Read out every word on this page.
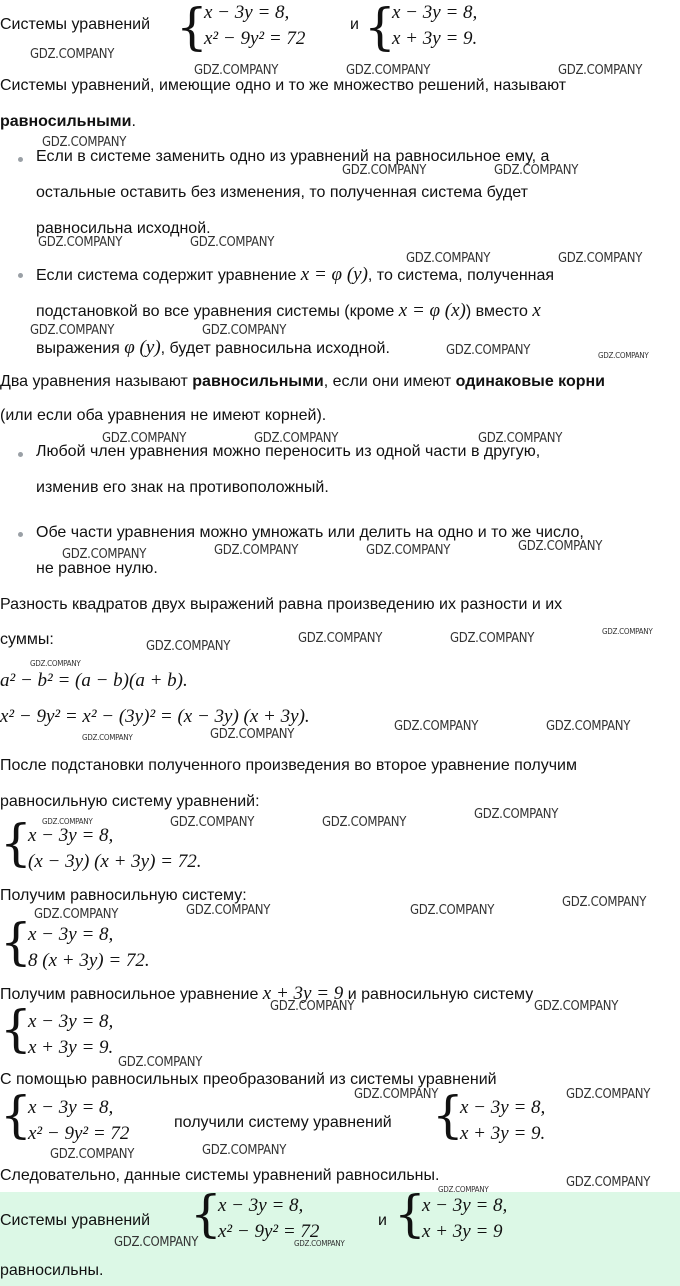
Системы уравнений {
x − 3y = 8,
x² − 9y² = 72
и {
x − 3y = 8,
x + 3y = 9.
Системы уравнений, имеющие одно и то же множество решений, называют
равносильными.
Если в системе заменить одно из уравнений на равносильное ему, а
остальные оставить без изменения, то полученная система будет
равносильна исходной.
Если система содержит уравнение x = φ (y), то система, полученная
подстановкой во все уравнения системы (кроме x = φ (x)) вместо x
выражения φ (y), будет равносильна исходной.
Два уравнения называют равносильными, если они имеют одинаковые корни
(или если оба уравнения не имеют корней).
Любой член уравнения можно переносить из одной части в другую,
изменив его знак на противоположный.
Обе части уравнения можно умножать или делить на одно и то же число,
не равное нулю.
Разность квадратов двух выражений равна произведению их разности и их
суммы:
a² − b² = (a − b)(a + b).
x² − 9y² = x² − (3y)² = (x − 3y) (x + 3y).
После подстановки полученного произведения во второе уравнение получим
равносильную систему уравнений:
{
x − 3y = 8,
(x − 3y) (x + 3y) = 72.
Получим равносильную систему:
{
x − 3y = 8,
8 (x + 3y) = 72.
Получим равносильное уравнение x + 3y = 9 и равносильную систему
{
x − 3y = 8,
x + 3y = 9.
С помощью равносильных преобразований из системы уравнений
{
x − 3y = 8,
x² − 9y² = 72
получили систему уравнений {
x − 3y = 8,
x + 3y = 9.
Следовательно, данные системы уравнений равносильны.
Системы уравнений {
x − 3y = 8,
x² − 9y² = 72
и {
x − 3y = 8,
x + 3y = 9
равносильны.
GDZ.COMPANY
GDZ.COMPANY	GDZ.COMPANY	GDZ.COMPANY
GDZ.COMPANY
GDZ.COMPANY	GDZ.COMPANY
GDZ.COMPANY	GDZ.COMPANY
GDZ.COMPANY	GDZ.COMPANY
GDZ.COMPANY	GDZ.COMPANY
GDZ.COMPANY	GDZ.COMPANY
GDZ.COMPANY	GDZ.COMPANY	GDZ.COMPANY
GDZ.COMPANY	GDZ.COMPANY	GDZ.COMPANY	GDZ.COMPANY
GDZ.COMPANY
GDZ.COMPANY	GDZ.COMPANY	GDZ.COMPANY
GDZ.COMPANY
GDZ.COMPANY	GDZ.COMPANY
GDZ.COMPANY	GDZ.COMPANY
GDZ.COMPANY	GDZ.COMPANY	GDZ.COMPANY
GDZ.COMPANY
GDZ.COMPANY	GDZ.COMPANY	GDZ.COMPANY
GDZ.COMPANY
GDZ.COMPANY	GDZ.COMPANY
GDZ.COMPANY
GDZ.COMPANY	GDZ.COMPANY
GDZ.COMPANY	GDZ.COMPANY
GDZ.COMPANY
GDZ.COMPANY
GDZ.COMPANY	GDZ.COMPANY
